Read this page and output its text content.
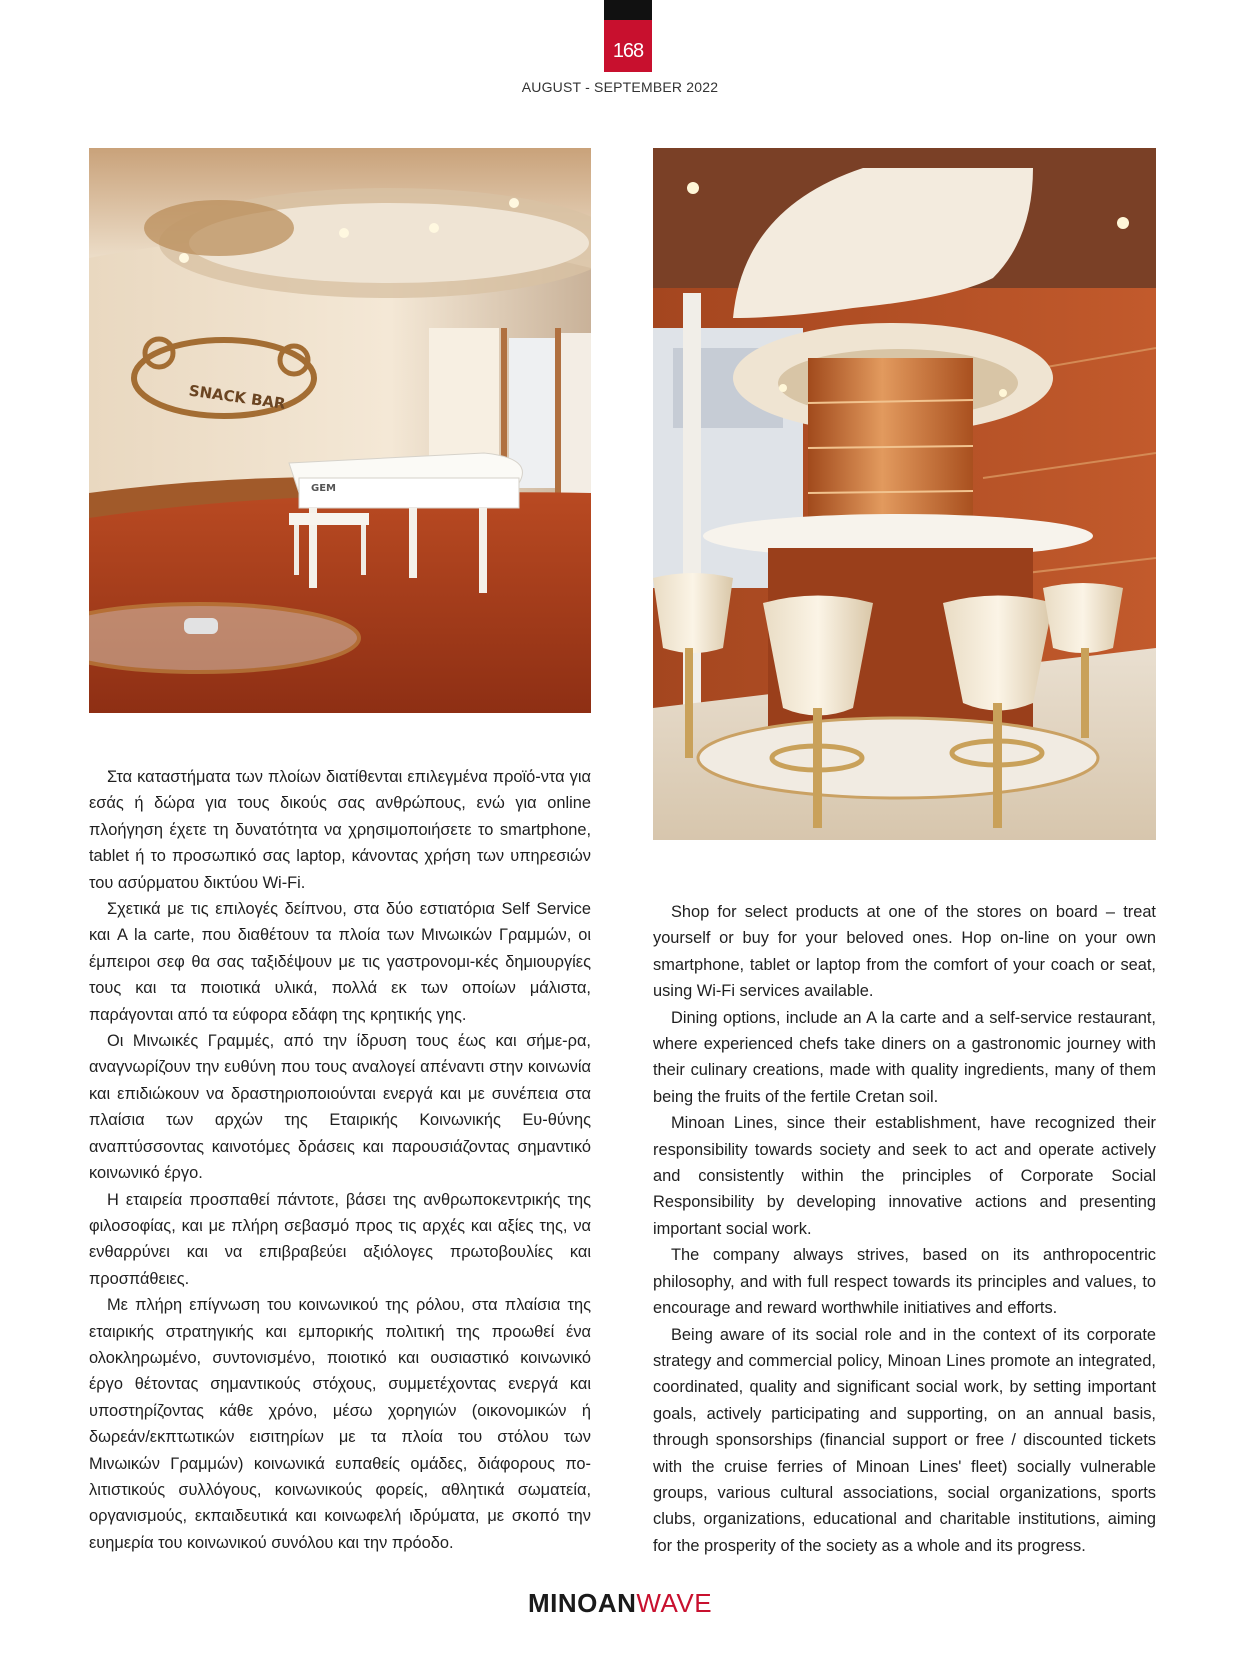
168
AUGUST - SEPTEMBER 2022
SNACK BAR
GEM

Στα καταστήματα των πλοίων διατίθενται επιλεγμένα προϊό-ντα για εσάς ή δώρα για τους δικούς σας ανθρώπους, ενώ για online πλοήγηση έχετε τη δυνατότητα να χρησιμοποιήσετε το smartphone, tablet ή το προσωπικό σας laptop, κάνοντας χρήση των υπηρεσιών του ασύρματου δικτύου Wi-Fi.

Σχετικά με τις επιλογές δείπνου, στα δύο εστιατόρια Self Service και A la carte, που διαθέτουν τα πλοία των Μινωικών Γραμμών, οι έμπειροι σεφ θα σας ταξιδέψουν με τις γαστρονομι-κές δημιουργίες τους και τα ποιοτικά υλικά, πολλά εκ των οποίων μάλιστα, παράγονται από τα εύφορα εδάφη της κρητικής γης.

Οι Μινωικές Γραμμές, από την ίδρυση τους έως και σήμε-ρα, αναγνωρίζουν την ευθύνη που τους αναλογεί απέναντι στην κοινωνία και επιδιώκουν να δραστηριοποιούνται ενεργά και με συνέπεια στα πλαίσια των αρχών της Εταιρικής Κοινωνικής Ευ-θύνης αναπτύσσοντας καινοτόμες δράσεις και παρουσιάζοντας σημαντικό κοινωνικό έργο.

Η εταιρεία προσπαθεί πάντοτε, βάσει της ανθρωποκεντρικής της φιλοσοφίας, και με πλήρη σεβασμό προς τις αρχές και αξίες της, να ενθαρρύνει και να επιβραβεύει αξιόλογες πρωτοβουλίες και προσπάθειες.

Με πλήρη επίγνωση του κοινωνικού της ρόλου, στα πλαίσια της εταιρικής στρατηγικής και εμπορικής πολιτική της προωθεί ένα ολοκληρωμένο, συντονισμένο, ποιοτικό και ουσιαστικό κοινωνικό έργο θέτοντας σημαντικούς στόχους, συμμετέχοντας ενεργά και υποστηρίζοντας κάθε χρόνο, μέσω χορηγιών (οικονομικών ή δωρεάν/εκπτωτικών εισιτηρίων με τα πλοία του στόλου των Μινωικών Γραμμών) κοινωνικά ευπαθείς ομάδες, διάφορους πο-λιτιστικούς συλλόγους, κοινωνικούς φορείς, αθλητικά σωματεία, οργανισμούς, εκπαιδευτικά και κοινωφελή ιδρύματα, με σκοπό την ευημερία του κοινωνικού συνόλου και την πρόοδο.

Shop for select products at one of the stores on board – treat yourself or buy for your beloved ones. Hop on-line on your own smartphone, tablet or laptop from the comfort of your coach or seat, using Wi-Fi services available.

Dining options, include an A la carte and a self-service restaurant, where experienced chefs take diners on a gastronomic journey with their culinary creations, made with quality ingredients, many of them being the fruits of the fertile Cretan soil.

Minoan Lines, since their establishment, have recognized their responsibility towards society and seek to act and operate actively and consistently within the principles of Corporate Social Responsibility by developing innovative actions and presenting important social work.

The company always strives, based on its anthropocentric philosophy, and with full respect towards its principles and values, to encourage and reward worthwhile initiatives and efforts.

Being aware of its social role and in the context of its corporate strategy and commercial policy, Minoan Lines promote an integrated, coordinated, quality and significant social work, by setting important goals, actively participating and supporting, on an annual basis, through sponsorships (financial support or free / discounted tickets with the cruise ferries of Minoan Lines' fleet) socially vulnerable groups, various cultural associations, social organizations, sports clubs, organizations, educational and charitable institutions, aiming for the prosperity of the society as a whole and its progress.

MINOANWAVE
